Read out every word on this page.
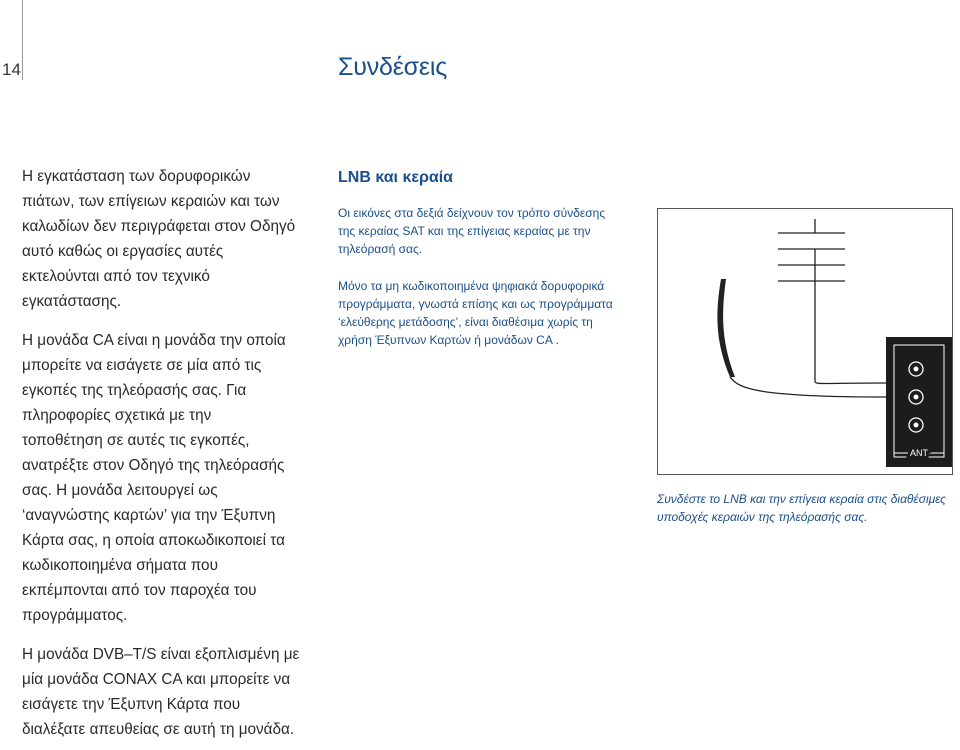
14	Συνδέσεις

Η εγκατάσταση των δορυφορικών
πιάτων, των επίγειων κεραιών και των
καλωδίων δεν περιγράφεται στον Οδηγό
αυτό καθώς οι εργασίες αυτές
εκτελούνται από τον τεχνικό
εγκατάστασης.

Η μονάδα CA είναι η μονάδα την οποία
μπορείτε να εισάγετε σε μία από τις
εγκοπές της τηλεόρασής σας. Για
πληροφορίες σχετικά με την
τοποθέτηση σε αυτές τις εγκοπές,
ανατρέξτε στον Οδηγό της τηλεόρασής
σας. Η μονάδα λειτουργεί ως
‘αναγνώστης καρτών’ για την Έξυπνη
Κάρτα σας, η οποία αποκωδικοποιεί τα
κωδικοποιημένα σήματα που
εκπέμπονται από τον παροχέα του
προγράμματος.

Η μονάδα DVB–T/S είναι εξοπλισμένη με
μία μονάδα CONAX CA και μπορείτε να
εισάγετε την Έξυπνη Κάρτα που
διαλέξατε απευθείας σε αυτή τη μονάδα.

LNB και κεραία

Οι εικόνες στα δεξιά δείχνουν τον τρόπο σύνδεσης
της κεραίας SAT και της επίγειας κεραίας με την
τηλεόρασή σας.

Μόνο τα μη κωδικοποιημένα ψηφιακά δορυφορικά
προγράμματα, γνωστά επίσης και ως προγράμματα
‘ελεύθερης μετάδοσης’, είναι διαθέσιμα χωρίς τη
χρήση Έξυπνων Καρτών ή μονάδων CA .

ANT
Συνδέστε το LNB και την επίγεια κεραία στις διαθέσιμες
υποδοχές κεραιών της τηλεόρασής σας.
